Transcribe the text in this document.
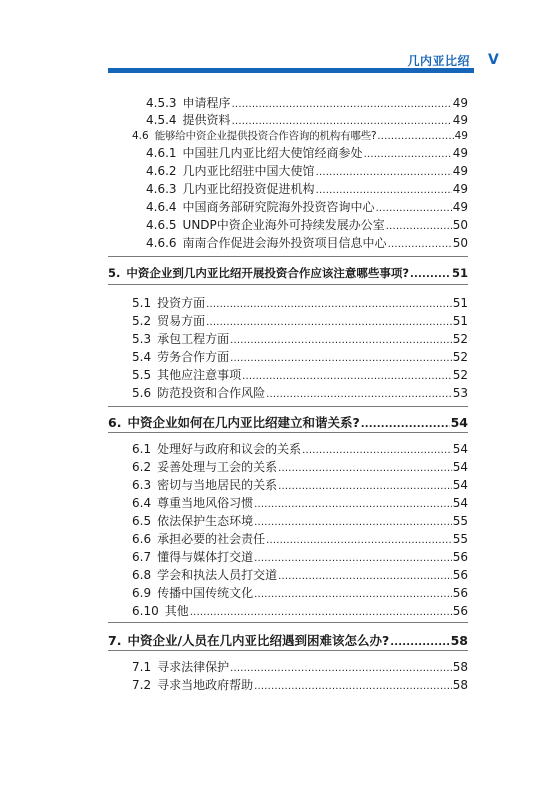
几内亚比绍 V
4.5.3 申请程序 .....	49
4.5.4 提供资料 .....	49
4.6 能够给中资企业提供投资合作咨询的机构有哪些? .....	49
4.6.1 中国驻几内亚比绍大使馆经商参处 .....	49
4.6.2 几内亚比绍驻中国大使馆 .....	49
4.6.3 几内亚比绍投资促进机构 .....	49
4.6.4 中国商务部研究院海外投资咨询中心 .....	49
4.6.5 UNDP中资企业海外可持续发展办公室 .....	50
4.6.6 南南合作促进会海外投资项目信息中心 .....	50
5. 中资企业到几内亚比绍开展投资合作应该注意哪些事项? .....	51
5.1 投资方面 .....	51
5.2 贸易方面 .....	51
5.3 承包工程方面 .....	52
5.4 劳务合作方面 .....	52
5.5 其他应注意事项 .....	52
5.6 防范投资和合作风险 .....	53
6. 中资企业如何在几内亚比绍建立和谐关系? .....	54
6.1 处理好与政府和议会的关系 .....	54
6.2 妥善处理与工会的关系 .....	54
6.3 密切与当地居民的关系 .....	54
6.4 尊重当地风俗习惯 .....	54
6.5 依法保护生态环境 .....	55
6.6 承担必要的社会责任 .....	55
6.7 懂得与媒体打交道 .....	56
6.8 学会和执法人员打交道 .....	56
6.9 传播中国传统文化 .....	56
6.10 其他 .....	56
7. 中资企业/人员在几内亚比绍遇到困难该怎么办? .....	58
7.1 寻求法律保护 .....	58
7.2 寻求当地政府帮助 .....	58
